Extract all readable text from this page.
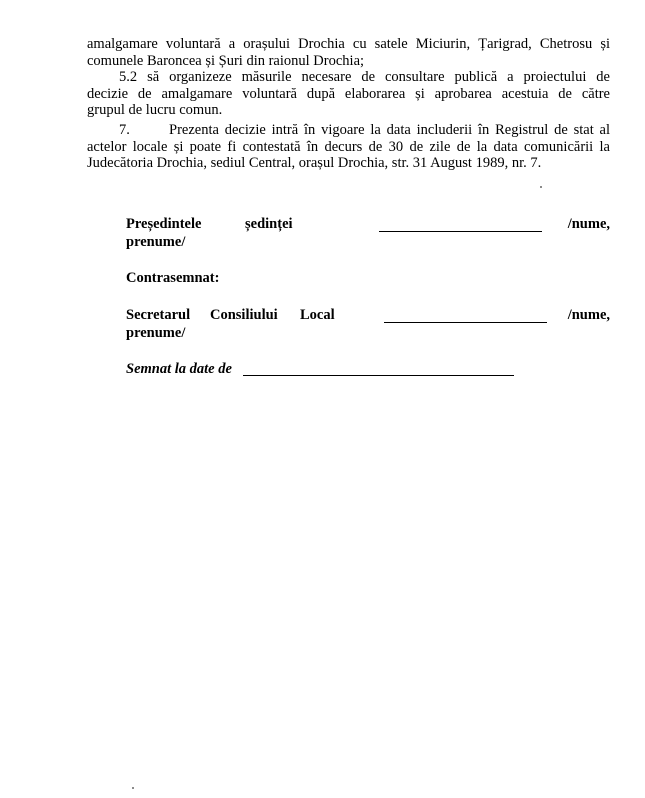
amalgamare voluntară a orașului Drochia cu satele Miciurin, Țarigrad, Chetrosu și
comunele Baroncea și Șuri din raionul Drochia;
5.2 să organizeze măsurile necesare de consultare publică a proiectului de
decizie de amalgamare voluntară după elaborarea și aprobarea acestuia de către
grupul de lucru comun.
7.	Prezenta decizie intră în vigoare la data includerii în Registrul de stat al
actelor locale și poate fi contestată în decurs de 30 de zile de la data comunicării la
Judecătoria Drochia, sediul Central, orașul Drochia, str. 31 August 1989, nr. 7.
Președintele	ședinței	/nume,
prenume/
Contrasemnat:
Secretarul Consiliului Local	/nume,
prenume/
Semnat la date de
